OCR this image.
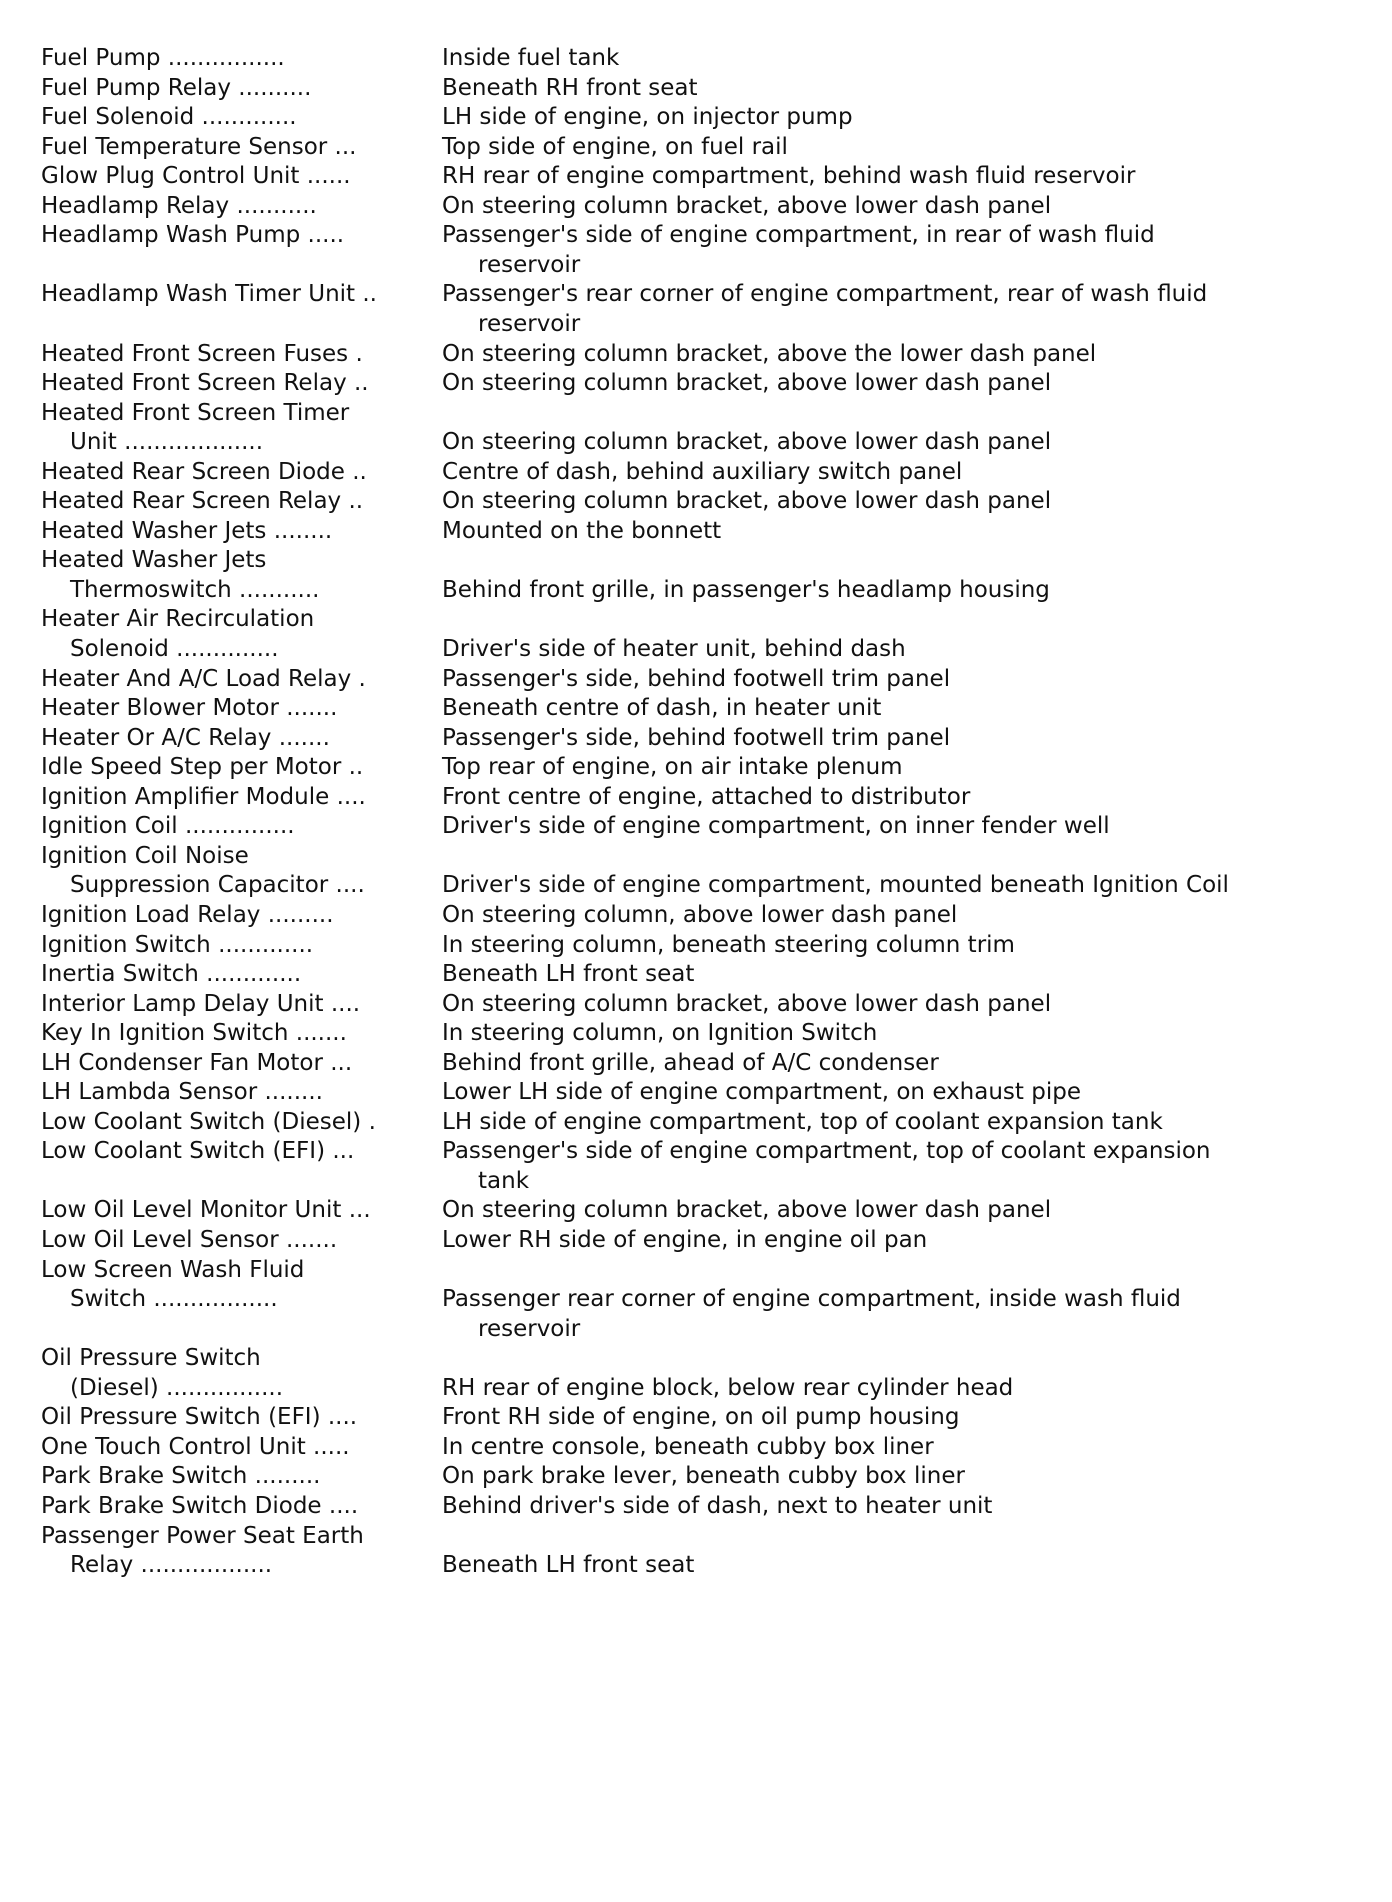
Fuel Pump ................	Inside fuel tank
Fuel Pump Relay ..........	Beneath RH front seat
Fuel Solenoid .............	LH side of engine, on injector pump
Fuel Temperature Sensor ...	Top side of engine, on fuel rail
Glow Plug Control Unit ......	RH rear of engine compartment, behind wash fluid reservoir
Headlamp Relay ...........	On steering column bracket, above lower dash panel
Headlamp Wash Pump .....	Passenger's side of engine compartment, in rear of wash fluid
reservoir
Headlamp Wash Timer Unit ..	Passenger's rear corner of engine compartment, rear of wash fluid
reservoir
Heated Front Screen Fuses .	On steering column bracket, above the lower dash panel
Heated Front Screen Relay ..	On steering column bracket, above lower dash panel
Heated Front Screen Timer
Unit ...................	On steering column bracket, above lower dash panel
Heated Rear Screen Diode ..	Centre of dash, behind auxiliary switch panel
Heated Rear Screen Relay ..	On steering column bracket, above lower dash panel
Heated Washer Jets ........	Mounted on the bonnett
Heated Washer Jets
Thermoswitch ...........	Behind front grille, in passenger's headlamp housing
Heater Air Recirculation
Solenoid ..............	Driver's side of heater unit, behind dash
Heater And A/C Load Relay .	Passenger's side, behind footwell trim panel
Heater Blower Motor .......	Beneath centre of dash, in heater unit
Heater Or A/C Relay .......	Passenger's side, behind footwell trim panel
Idle Speed Step per Motor ..	Top rear of engine, on air intake plenum
Ignition Amplifier Module ....	Front centre of engine, attached to distributor
Ignition Coil ...............	Driver's side of engine compartment, on inner fender well
Ignition Coil Noise
Suppression Capacitor ....	Driver's side of engine compartment, mounted beneath Ignition Coil
Ignition Load Relay .........	On steering column, above lower dash panel
Ignition Switch .............	In steering column, beneath steering column trim
Inertia Switch .............	Beneath LH front seat
Interior Lamp Delay Unit ....	On steering column bracket, above lower dash panel
Key In Ignition Switch .......	In steering column, on Ignition Switch
LH Condenser Fan Motor ...	Behind front grille, ahead of A/C condenser
LH Lambda Sensor ........	Lower LH side of engine compartment, on exhaust pipe
Low Coolant Switch (Diesel) .	LH side of engine compartment, top of coolant expansion tank
Low Coolant Switch (EFI) ...	Passenger's side of engine compartment, top of coolant expansion
tank
Low Oil Level Monitor Unit ...	On steering column bracket, above lower dash panel
Low Oil Level Sensor .......	Lower RH side of engine, in engine oil pan
Low Screen Wash Fluid
Switch .................	Passenger rear corner of engine compartment, inside wash fluid
reservoir
Oil Pressure Switch
(Diesel) ................	RH rear of engine block, below rear cylinder head
Oil Pressure Switch (EFI) ....	Front RH side of engine, on oil pump housing
One Touch Control Unit .....	In centre console, beneath cubby box liner
Park Brake Switch .........	On park brake lever, beneath cubby box liner
Park Brake Switch Diode ....	Behind driver's side of dash, next to heater unit
Passenger Power Seat Earth
Relay ..................	Beneath LH front seat
